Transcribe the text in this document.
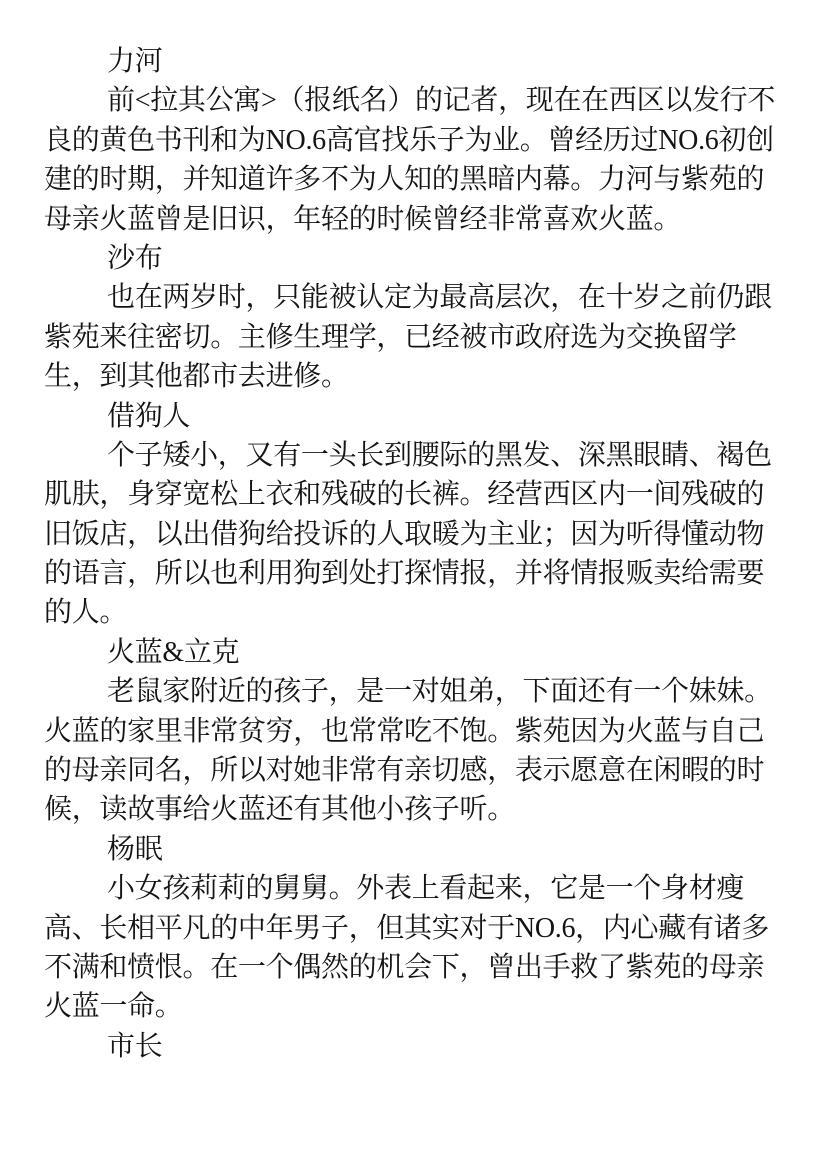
力河
前<拉其公寓>（报纸名）的记者，现在在西区以发行不
良的黄色书刊和为NO.6高官找乐子为业。曾经历过NO.6初创
建的时期，并知道许多不为人知的黑暗内幕。力河与紫苑的
母亲火蓝曾是旧识，年轻的时候曾经非常喜欢火蓝。
沙布
也在两岁时，只能被认定为最高层次，在十岁之前仍跟
紫苑来往密切。主修生理学，已经被市政府选为交换留学
生，到其他都市去进修。
借狗人
个子矮小，又有一头长到腰际的黑发、深黑眼睛、褐色
肌肤，身穿宽松上衣和残破的长裤。经营西区内一间残破的
旧饭店，以出借狗给投诉的人取暖为主业；因为听得懂动物
的语言，所以也利用狗到处打探情报，并将情报贩卖给需要
的人。
火蓝&立克
老鼠家附近的孩子，是一对姐弟，下面还有一个妹妹。
火蓝的家里非常贫穷，也常常吃不饱。紫苑因为火蓝与自己
的母亲同名，所以对她非常有亲切感，表示愿意在闲暇的时
候，读故事给火蓝还有其他小孩子听。
杨眠
小女孩莉莉的舅舅。外表上看起来，它是一个身材瘦
高、长相平凡的中年男子，但其实对于NO.6，内心藏有诸多
不满和愤恨。在一个偶然的机会下，曾出手救了紫苑的母亲
火蓝一命。
市长
